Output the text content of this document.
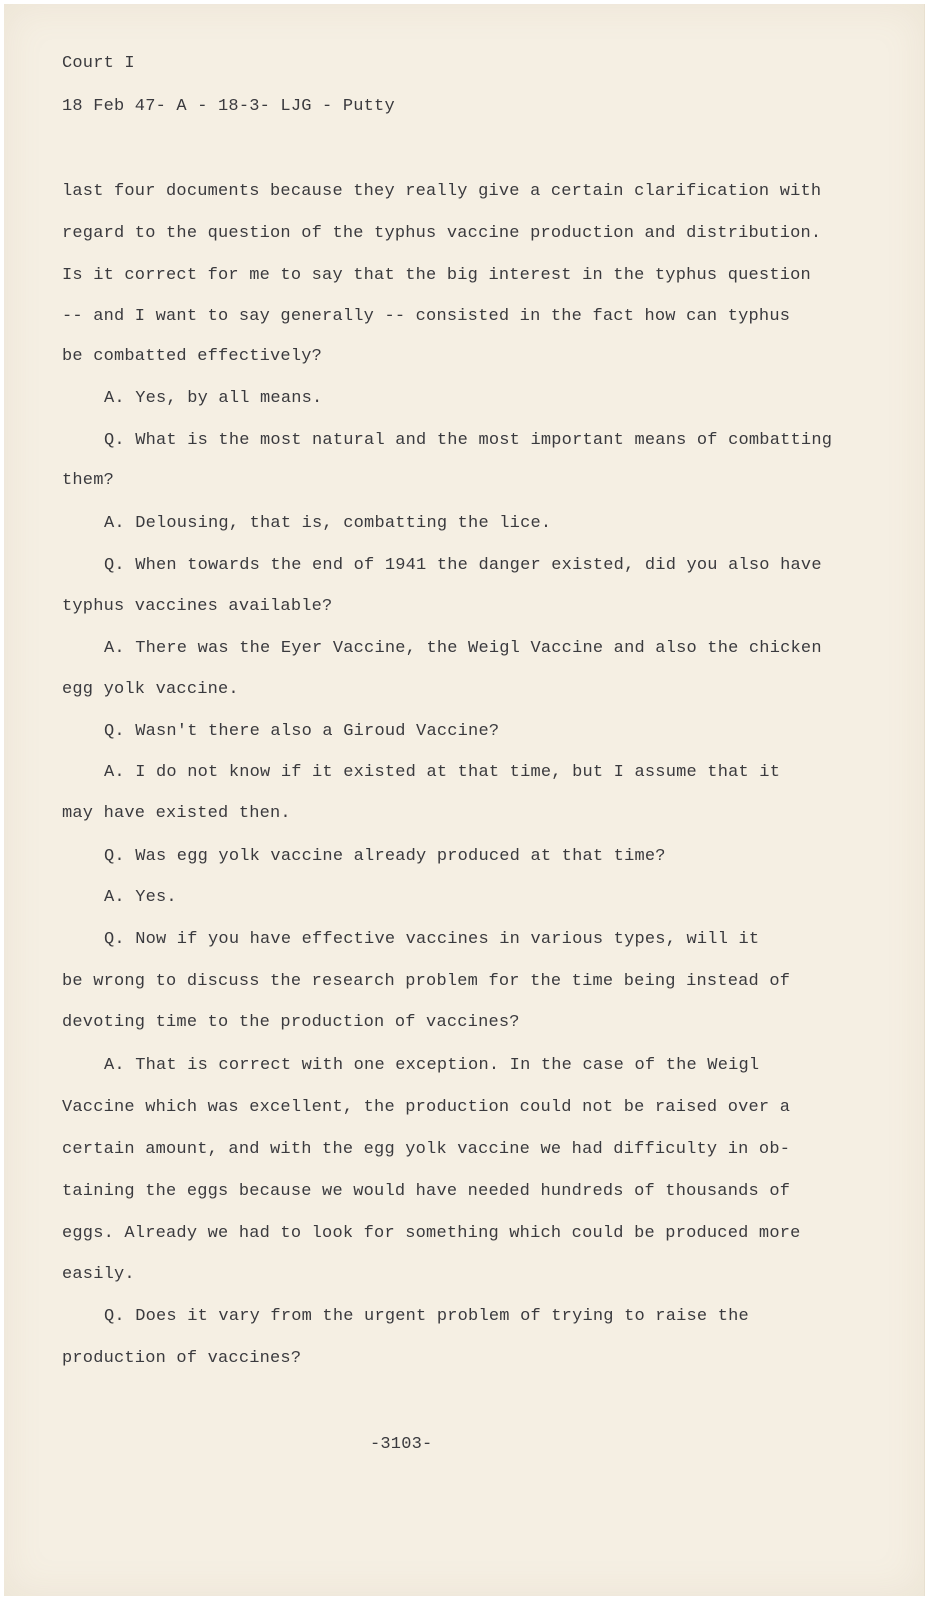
Court I
18 Feb 47- A - 18-3- LJG - Putty
last four documents because they really give a certain clarification with
regard to the question of the typhus vaccine production and distribution.
Is it correct for me to say that the big interest in the typhus question
-- and I want to say generally -- consisted in the fact how can typhus
be combatted effectively?
A. Yes, by all means.
Q. What is the most natural and the most important means of combatting
them?
A. Delousing, that is, combatting the lice.
Q. When towards the end of 1941 the danger existed, did you also have
typhus vaccines available?
A. There was the Eyer Vaccine, the Weigl Vaccine and also the chicken
egg yolk vaccine.
Q. Wasn't there also a Giroud Vaccine?
A. I do not know if it existed at that time, but I assume that it
may have existed then.
Q. Was egg yolk vaccine already produced at that time?
A. Yes.
Q. Now if you have effective vaccines in various types, will it
be wrong to discuss the research problem for the time being instead of
devoting time to the production of vaccines?
A. That is correct with one exception. In the case of the Weigl
Vaccine which was excellent, the production could not be raised over a
certain amount, and with the egg yolk vaccine we had difficulty in ob-
taining the eggs because we would have needed hundreds of thousands of
eggs. Already we had to look for something which could be produced more
easily.
Q. Does it vary from the urgent problem of trying to raise the
production of vaccines?
-3103-
